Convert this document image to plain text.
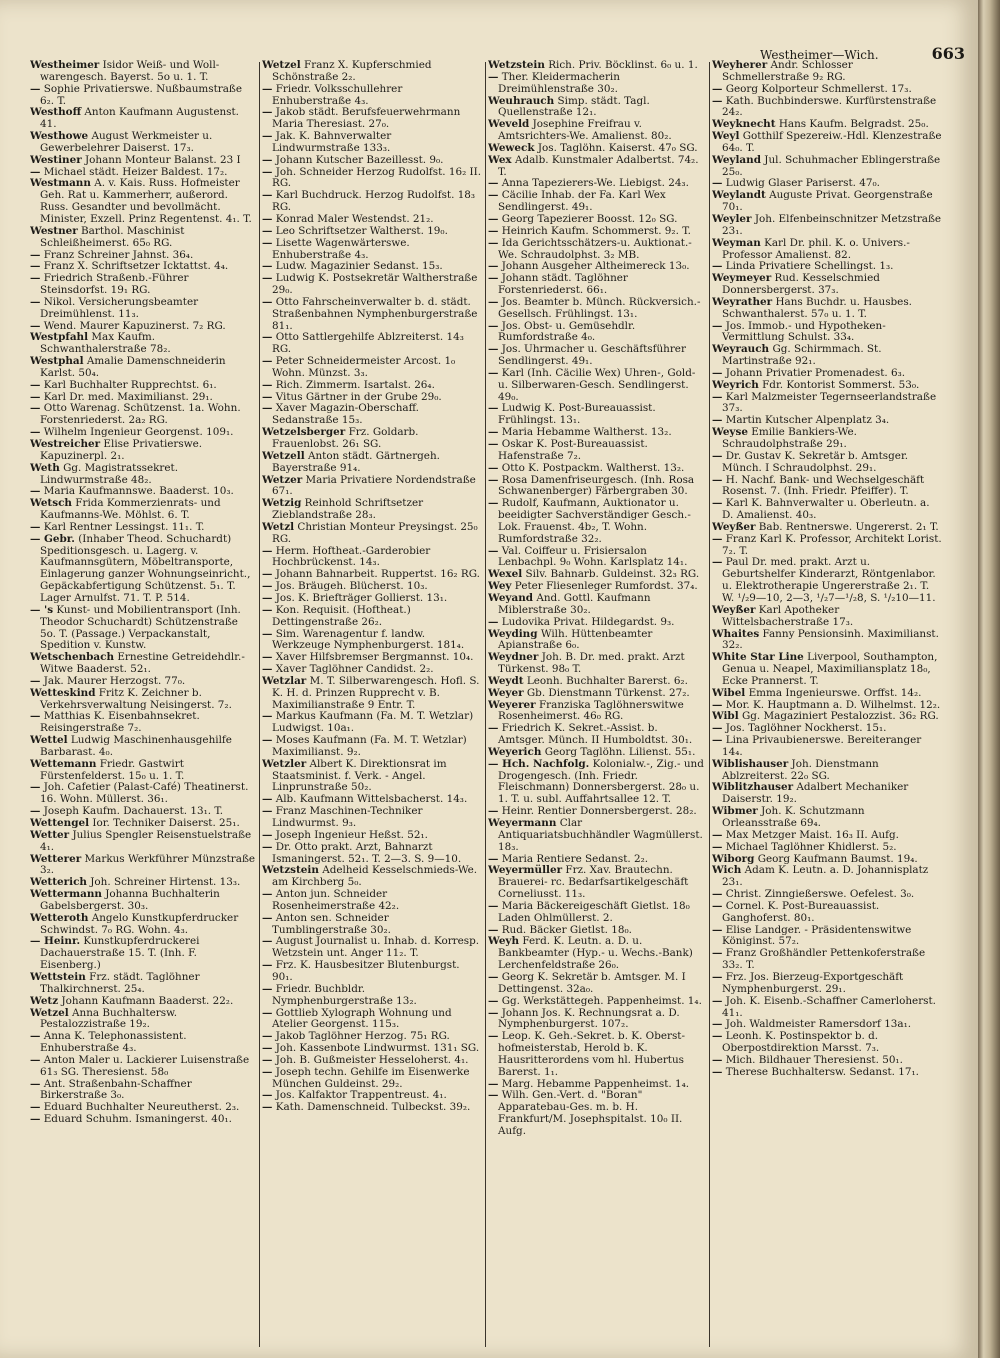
Westheimer—Wich.	663

Westheimer Isidor Weiß- und Woll-warengesch. Bayerst. 5o u. 1. T.

— Sophie Privatierswe. Nußbaumstraße 6₂. T.

Westhoff Anton Kaufmann Augustenst. 41.

Westhowe August Werkmeister u. Gewerbelehrer Daiserst. 17₃.

Westiner Johann Monteur Balanst. 23 I

— Michael städt. Heizer Baldest. 17₂.

Westmann A. v. Kais. Russ. Hofmeister Geh. Rat u. Kammerherr, außerord. Russ. Gesandter und bevollmächt. Minister, Exzell. Prinz Regentenst. 4₁. T.

Westner Barthol. Maschinist Schleißheimerst. 65₀ RG.

— Franz Schreiner Jahnst. 36₄.

— Franz X. Schriftsetzer Icktattst. 4₄.

— Friedrich Straßenb.-Führer Steinsdorfst. 19₁ RG.

— Nikol. Versicherungsbeamter Dreimühlenst. 11₃.

— Wend. Maurer Kapuzinerst. 7₂ RG.

Westpfahl Max Kaufm. Schwanthalerstraße 78₂.

Westphal Amalie Damenschneiderin Karlst. 50₄.

— Karl Buchhalter Rupprechtst. 6₁.

— Karl Dr. med. Maximilianst. 29₁.

— Otto Warenag. Schützenst. 1a. Wohn. Forstenriederst. 2a₂ RG.

— Wilhelm Ingenieur Georgenst. 109₁.

Westreicher Elise Privatierswe. Kapuzinerpl. 2₁.

Weth Gg. Magistratssekret. Lindwurmstraße 48₂.

— Maria Kaufmannswe. Baaderst. 10₃.

Wetsch Frida Kommerzienrats- und Kaufmanns-We. Möhlst. 6. T.

— Karl Rentner Lessingst. 11₁. T.

— Gebr. (Inhaber Theod. Schuchardt) Speditionsgesch. u. Lagerg. v. Kaufmannsgütern, Möbeltransporte, Einlagerung ganzer Wohnungseinricht., Gepäckabfertigung Schützenst. 5₁. T. Lager Arnulfst. 71. T. P. 514.

— 's Kunst- und Mobilientransport (Inh. Theodor Schuchardt) Schützenstraße 5o. T. (Passage.) Verpackanstalt, Spedition v. Kunstw.

Wetschenbach Ernestine Getreidehdlr.-Witwe Baaderst. 52₁.

— Jak. Maurer Herzogst. 77₀.

Wetteskind Fritz K. Zeichner b. Verkehrsverwaltung Neisingerst. 7₂.

— Matthias K. Eisenbahnsekret. Reisingerstraße 7₂.

Wettel Ludwig Maschinenhausgehilfe Barbarast. 4₀.

Wettemann Friedr. Gastwirt Fürstenfelderst. 15₀ u. 1. T.

— Joh. Cafetier (Palast-Café) Theatinerst. 16. Wohn. Müllerst. 36₁.

— Joseph Kaufm. Dachauerst. 13₁. T.

Wettengel Ior. Techniker Daiserst. 25₁.

Wetter Julius Spengler Reisenstuelstraße 4₁.

Wetterer Markus Werkführer Münzstraße 3₂.

Wetterich Joh. Schreiner Hirtenst. 13₃.

Wettermann Johanna Buchhalterin Gabelsbergerst. 30₃.

Wetteroth Angelo Kunstkupferdrucker Schwindst. 7₀ RG. Wohn. 4₃.

— Heinr. Kunstkupferdruckerei Dachauerstraße 15. T. (Inh. F. Eisenberg.)

Wettstein Frz. städt. Taglöhner Thalkirchnerst. 25₄.

Wetz Johann Kaufmann Baaderst. 22₂.

Wetzel Anna Buchhaltersw. Pestalozzistraße 19₂.

— Anna K. Telephonassistent. Enhuberstraße 4₃.

— Anton Maler u. Lackierer Luisenstraße 61₃ SG. Theresienst. 58₀

— Ant. Straßenbahn-Schaffner Birkerstraße 3₀.

— Eduard Buchhalter Neureutherst. 2₃.

— Eduard Schuhm. Ismaningerst. 40₁.

Wetzel Franz X. Kupferschmied Schönstraße 2₂.

— Friedr. Volksschullehrer Enhuberstraße 4₃.

— Jakob städt. Berufsfeuerwehrmann Maria Theresiast. 27₀.

— Jak. K. Bahnverwalter Lindwurmstraße 133₃.

— Johann Kutscher Bazeillesst. 9₀.

— Joh. Schneider Herzog Rudolfst. 16₂ II. RG.

— Karl Buchdruck. Herzog Rudolfst. 18₃ RG.

— Konrad Maler Westendst. 21₂.

— Leo Schriftsetzer Waltherst. 19₀.

— Lisette Wagenwärterswe. Enhuberstraße 4₃.

— Ludw. Magazinier Sedanst. 15₃.

— Ludwig K. Postsekretär Waltherstraße 29₀.

— Otto Fahrscheinverwalter b. d. städt. Straßenbahnen Nymphenburgerstraße 81₁.

— Otto Sattlergehilfe Ablzreiterst. 14₃ RG.

— Peter Schneidermeister Arcost. 1₀ Wohn. Münzst. 3₃.

— Rich. Zimmerm. Isartalst. 26₄.

— Vitus Gärtner in der Grube 29₀.

— Xaver Magazin-Oberschaff. Sedanstraße 15₃.

Wetzelsberger Frz. Goldarb. Frauenlobst. 26₁ SG.

Wetzell Anton städt. Gärtnergeh. Bayerstraße 91₄.

Wetzer Maria Privatiere Nordendstraße 67₁.

Wetzig Reinhold Schriftsetzer Zieblandstraße 28₃.

Wetzl Christian Monteur Preysingst. 25₀ RG.

— Herm. Hoftheat.-Garderobier Hochbrückenst. 14₃.

— Johann Bahnarbeit. Ruppertst. 16₂ RG.

— Jos. Bräugeh. Blücherst. 10₃.

— Jos. K. Briefträger Gollierst. 13₁.

— Kon. Requisit. (Hoftheat.) Dettingenstraße 26₂.

— Sim. Warenagentur f. landw. Werkzeuge Nymphenburgerst. 181₄.

— Xaver Hilfsbremser Bergmannst. 10₄.

— Xaver Taglöhner Candidst. 2₂.

Wetzlar M. T. Silberwarengesch. Hofl. S. K. H. d. Prinzen Rupprecht v. B. Maximilianstraße 9 Entr. T.

— Markus Kaufmann (Fa. M. T. Wetzlar) Ludwigst. 10a₁.

— Moses Kaufmann (Fa. M. T. Wetzlar) Maximilianst. 9₂.

Wetzler Albert K. Direktionsrat im Staatsminist. f. Verk. - Angel. Linprunstraße 50₂.

— Alb. Kaufmann Wittelsbacherst. 14₃.

— Franz Maschinen-Techniker Lindwurmst. 9₃.

— Joseph Ingenieur Heßst. 52₁.

— Dr. Otto prakt. Arzt, Bahnarzt Ismaningerst. 52₁. T. 2—3. S. 9—10.

Wetzstein Adelheid Kesselschmieds-We. am Kirchberg 5₀.

— Anton jun. Schneider Rosenheimerstraße 42₂.

— Anton sen. Schneider Tumblingerstraße 30₂.

— August Journalist u. Inhab. d. Korresp. Wetzstein unt. Anger 11₂. T.

— Frz. K. Hausbesitzer Blutenburgst. 90₁.

— Friedr. Buchbldr. Nymphenburgerstraße 13₂.

— Gottlieb Xylograph Wohnung und Atelier Georgenst. 115₃.

— Jakob Taglöhner Herzog. 75₁ RG.

— Joh. Kassenbote Lindwurmst. 131₁ SG.

— Joh. B. Gußmeister Hesseloherst. 4₁.

— Joseph techn. Gehilfe im Eisenwerke München Guldeinst. 29₂.

— Jos. Kalfaktor Trappentreust. 4₁.

— Kath. Damenschneid. Tulbeckst. 39₂.

Wetzstein Rich. Priv. Böcklinst. 6₀ u. 1.

— Ther. Kleidermacherin Dreimühlenstraße 30₂.

Weuhrauch Simp. städt. Tagl. Quellenstraße 12₁.

Weveld Josephine Freifrau v. Amtsrichters-We. Amalienst. 80₂.

Weweck Jos. Taglöhn. Kaiserst. 47₀ SG.

Wex Adalb. Kunstmaler Adalbertst. 74₂. T.

— Anna Tapezierers-We. Liebigst. 24₃.

— Cäcilie Inhab. der Fa. Karl Wex Sendlingerst. 49₁.

— Georg Tapezierer Boosst. 12₀ SG.

— Heinrich Kaufm. Schommerst. 9₂. T.

— Ida Gerichtsschätzers-u. Auktionat.-We. Schraudolphst. 3₂ MB.

— Johann Ausgeher Altheimereck 13₀.

— Johann städt. Taglöhner Forstenriederst. 66₁.

— Jos. Beamter b. Münch. Rückversich.-Gesellsch. Frühlingst. 13₁.

— Jos. Obst- u. Gemüsehdlr. Rumfordstraße 4₀.

— Jos. Uhrmacher u. Geschäftsführer Sendlingerst. 49₁.

— Karl (Inh. Cäcilie Wex) Uhren-, Gold- u. Silberwaren-Gesch. Sendlingerst. 49₀.

— Ludwig K. Post-Bureauassist. Frühlingst. 13₁.

— Maria Hebamme Waltherst. 13₂.

— Oskar K. Post-Bureauassist. Hafenstraße 7₂.

— Otto K. Postpackm. Waltherst. 13₂.

— Rosa Damenfriseurgesch. (Inh. Rosa Schwanenberger) Färbergraben 30.

— Rudolf, Kaufmann, Auktionator u. beeidigter Sachverständiger Gesch.-Lok. Frauenst. 4b₂, T. Wohn. Rumfordstraße 32₂.

— Val. Coiffeur u. Frisiersalon Lenbachpl. 9₀ Wohn. Karlsplatz 14₁.

Wexel Silv. Bahnarb. Guldeinst. 32₃ RG.

Wey Peter Fliesenleger Rumfordst. 37₄.

Weyand And. Gottl. Kaufmann Miblerstraße 30₂.

— Ludovika Privat. Hildegardst. 9₃.

Weyding Wilh. Hüttenbeamter Apianstraße 6₀.

Weydner Joh. B. Dr. med. prakt. Arzt Türkenst. 98₀ T.

Weydt Leonh. Buchhalter Barerst. 6₂.

Weyer Gb. Dienstmann Türkenst. 27₂.

Weyerer Franziska Taglöhnerswitwe Rosenheimerst. 46₀ RG.

— Friedrich K. Sekret.-Assist. b. Amtsger. Münch. II Humboldtst. 30₁.

Weyerich Georg Taglöhn. Lilienst. 55₁.

— Hch. Nachfolg. Kolonialw.-, Zig.- und Drogengesch. (Inh. Friedr. Fleischmann) Donnersbergerst. 28₀ u. 1. T. u. subl. Auffahrtsallee 12. T.

— Heinr. Rentier Donnersbergerst. 28₂.

Weyermann Clar Antiquariatsbuchhändler Wagmüllerst. 18₃.

— Maria Rentiere Sedanst. 2₂.

Weyermüller Frz. Xav. Brautechn. Brauerei- rc. Bedarfsartikelgeschäft Corneliusst. 11₃.

— Maria Bäckereigeschäft Gietlst. 18₀ Laden Ohlmüllerst. 2.

— Rud. Bäcker Gietlst. 18₀.

Weyh Ferd. K. Leutn. a. D. u. Bankbeamter (Hyp.- u. Wechs.-Bank) Lerchenfeldstraße 26₀.

— Georg K. Sekretär b. Amtsger. M. I Dettingenst. 32a₀.

— Gg. Werkstättegeh. Pappenheimst. 1₄.

— Johann Jos. K. Rechnungsrat a. D. Nymphenburgerst. 107₂.

— Leop. K. Geh.-Sekret. b. K. Oberst-hofmeisterstab, Herold b. K. Hausritterordens vom hl. Hubertus Barerst. 1₁.

— Marg. Hebamme Pappenheimst. 1₄.

— Wilh. Gen.-Vert. d. "Boran" Apparatebau-Ges. m. b. H. Frankfurt/M. Josephspitalst. 10₀ II. Aufg.

Weyherer Andr. Schlosser Schmellerstraße 9₂ RG.

— Georg Kolporteur Schmellerst. 17₃.

— Kath. Buchbinderswe. Kurfürstenstraße 24₂.

Weyknecht Hans Kaufm. Belgradst. 25₀.

Weyl Gotthilf Spezereiw.-Hdl. Klenzestraße 64₀. T.

Weyland Jul. Schuhmacher Eblingerstraße 25₀.

— Ludwig Glaser Pariserst. 47₀.

Weylandt Auguste Privat. Georgenstraße 70₁.

Weyler Joh. Elfenbeinschnitzer Metzstraße 23₁.

Weyman Karl Dr. phil. K. o. Univers.-Professor Amalienst. 82.

— Linda Privatiere Schellingst. 1₃.

Weymeyer Rud. Kesselschmied Donnersbergerst. 37₃.

Weyrather Hans Buchdr. u. Hausbes. Schwanthalerst. 57₀ u. 1. T.

— Jos. Immob.- und Hypotheken-Vermittlung Schulst. 33₄.

Weyrauch Gg. Schirmmach. St. Martinstraße 92₁.

— Johann Privatier Promenadest. 6₃.

Weyrich Fdr. Kontorist Sommerst. 53₀.

— Karl Malzmeister Tegernseerlandstraße 37₃.

— Martin Kutscher Alpenplatz 3₄.

Weyse Emilie Bankiers-We. Schraudolphstraße 29₁.

— Dr. Gustav K. Sekretär b. Amtsger. Münch. I Schraudolphst. 29₁.

— H. Nachf. Bank- und Wechselgeschäft Rosenst. 7. (Inh. Friedr. Pfeiffer). T.

— Karl K. Bahnverwalter u. Oberleutn. a. D. Amalienst. 40₃.

Weyßer Bab. Rentnerswe. Ungererst. 2₁ T.

— Franz Karl K. Professor, Architekt Lorist. 7₂. T.

— Paul Dr. med. prakt. Arzt u. Geburtshelfer Kinderarzt, Röntgenlabor. u. Elektrotherapie Ungererstraße 2₁. T. W. ¹/₂9—10, 2—3, ¹/₂7—¹/₂8, S. ¹/₂10—11.

Weyßer Karl Apotheker Wittelsbacherstraße 17₃.

Whaites Fanny Pensionsinh. Maximilianst. 32₂.

White Star Line Liverpool, Southampton, Genua u. Neapel, Maximiliansplatz 18₀, Ecke Prannerst. T.

Wibel Emma Ingenieurswe. Orffst. 14₂.

— Mor. K. Hauptmann a. D. Wilhelmst. 12₂.

Wibl Gg. Magaziniert Pestalozzist. 36₂ RG.

— Jos. Taglöhner Nockherst. 15₁.

— Lina Privaubienerswe. Bereiteranger 14₄.

Wiblishauser Joh. Dienstmann Ablzreiterst. 22₀ SG.

Wiblitzhauser Adalbert Mechaniker Daiserstr. 19₂.

Wibmer Joh. K. Schutzmann Orleansstraße 69₄.

— Max Metzger Maist. 16₃ II. Aufg.

— Michael Taglöhner Khidlerst. 5₂.

Wiborg Georg Kaufmann Baumst. 19₄.

Wich Adam K. Leutn. a. D. Johannisplatz 23₁.

— Christ. Zinngießerswe. Oefelest. 3₀.

— Cornel. K. Post-Bureauassist. Ganghoferst. 80₁.

— Elise Landger. - Präsidentenswitwe Königinst. 57₂.

— Franz Großhändler Pettenkoferstraße 33₂. T.

— Frz. Jos. Bierzeug-Exportgeschäft Nymphenburgerst. 29₁.

— Joh. K. Eisenb.-Schaffner Camerloherst. 41₁.

— Joh. Waldmeister Ramersdorf 13a₁.

— Leonh. K. Postinspektor b. d. Oberpostdirektion Marsst. 7₃.

— Mich. Bildhauer Theresienst. 50₁.

— Therese Buchhaltersw. Sedanst. 17₁.
